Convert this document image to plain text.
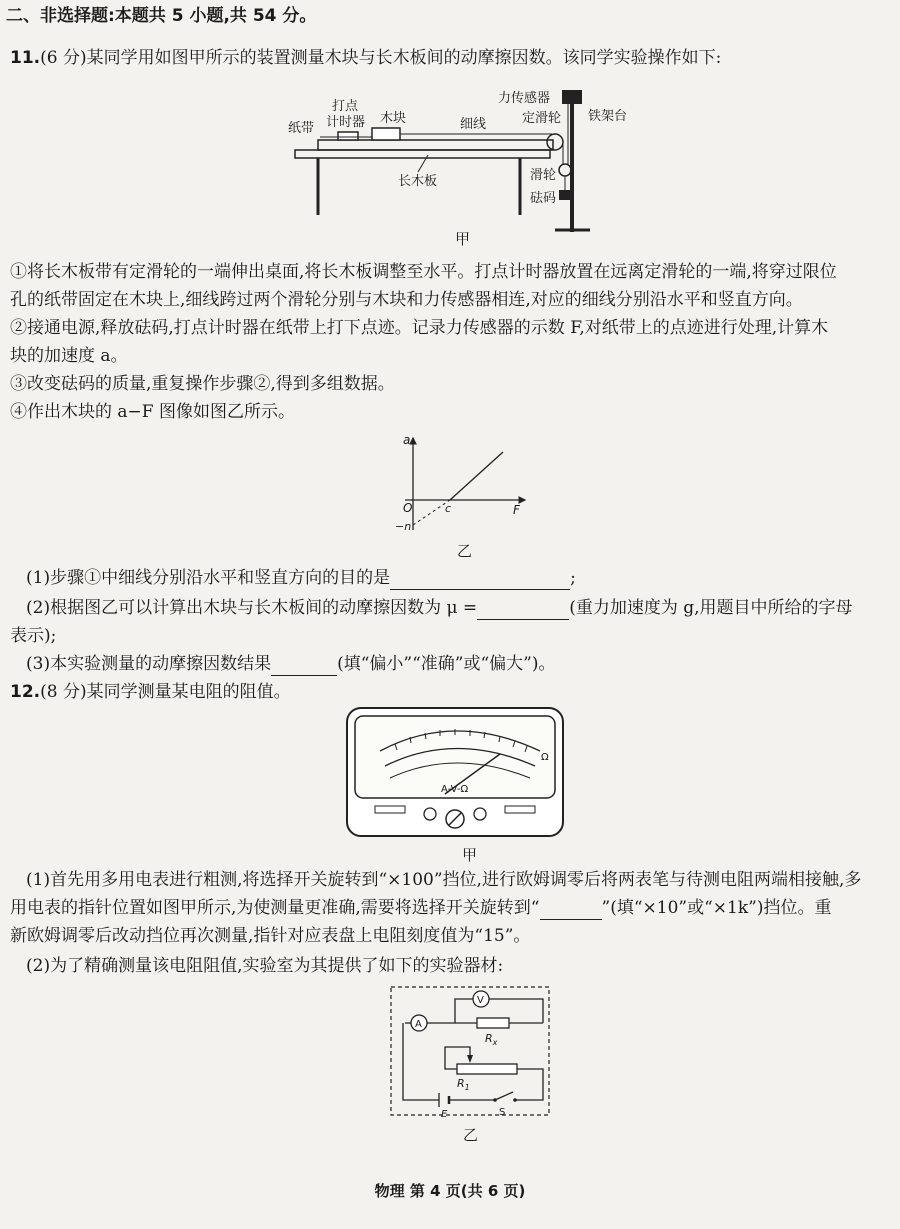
二、非选择题:本题共 5 小题,共 54 分。
11.(6 分)某同学用如图甲所示的装置测量木块与长木板间的动摩擦因数。该同学实验操作如下:
纸带
打点
计时器 木块	细线	定滑轮
力传感器
铁架台
长木板	滑轮
砝码
甲
①将长木板带有定滑轮的一端伸出桌面,将长木板调整至水平。打点计时器放置在远离定滑轮的一端,将穿过限位
孔的纸带固定在木块上,细线跨过两个滑轮分别与木块和力传感器相连,对应的细线分别沿水平和竖直方向。
②接通电源,释放砝码,打点计时器在纸带上打下点迹。记录力传感器的示数 F,对纸带上的点迹进行处理,计算木
块的加速度 a。
③改变砝码的质量,重复操作步骤②,得到多组数据。
④作出木块的 a−F 图像如图乙所示。
a
F
O	c
−n
乙
(1)步骤①中细线分别沿水平和竖直方向的目的是	;
(2)根据图乙可以计算出木块与长木板间的动摩擦因数为 μ =	(重力加速度为 g,用题目中所给的字母
表示);
(3)本实验测量的动摩擦因数结果	(填“偏小”“准确”或“偏大”)。
12.(8 分)某同学测量某电阻的阻值。
A-V-Ω
Ω
甲
(1)首先用多用电表进行粗测,将选择开关旋转到“×100”挡位,进行欧姆调零后将两表笔与待测电阻两端相接触,多
用电表的指针位置如图甲所示,为使测量更准确,需要将选择开关旋转到“	”(填“×10”或“×1k”)挡位。重
新欧姆调零后改动挡位再次测量,指针对应表盘上电阻刻度值为“15”。
(2)为了精确测量该电阻阻值,实验室为其提供了如下的实验器材:
V
A
$R_x$
$R_1$
E	S
乙
物理 第 4 页(共 6 页)
